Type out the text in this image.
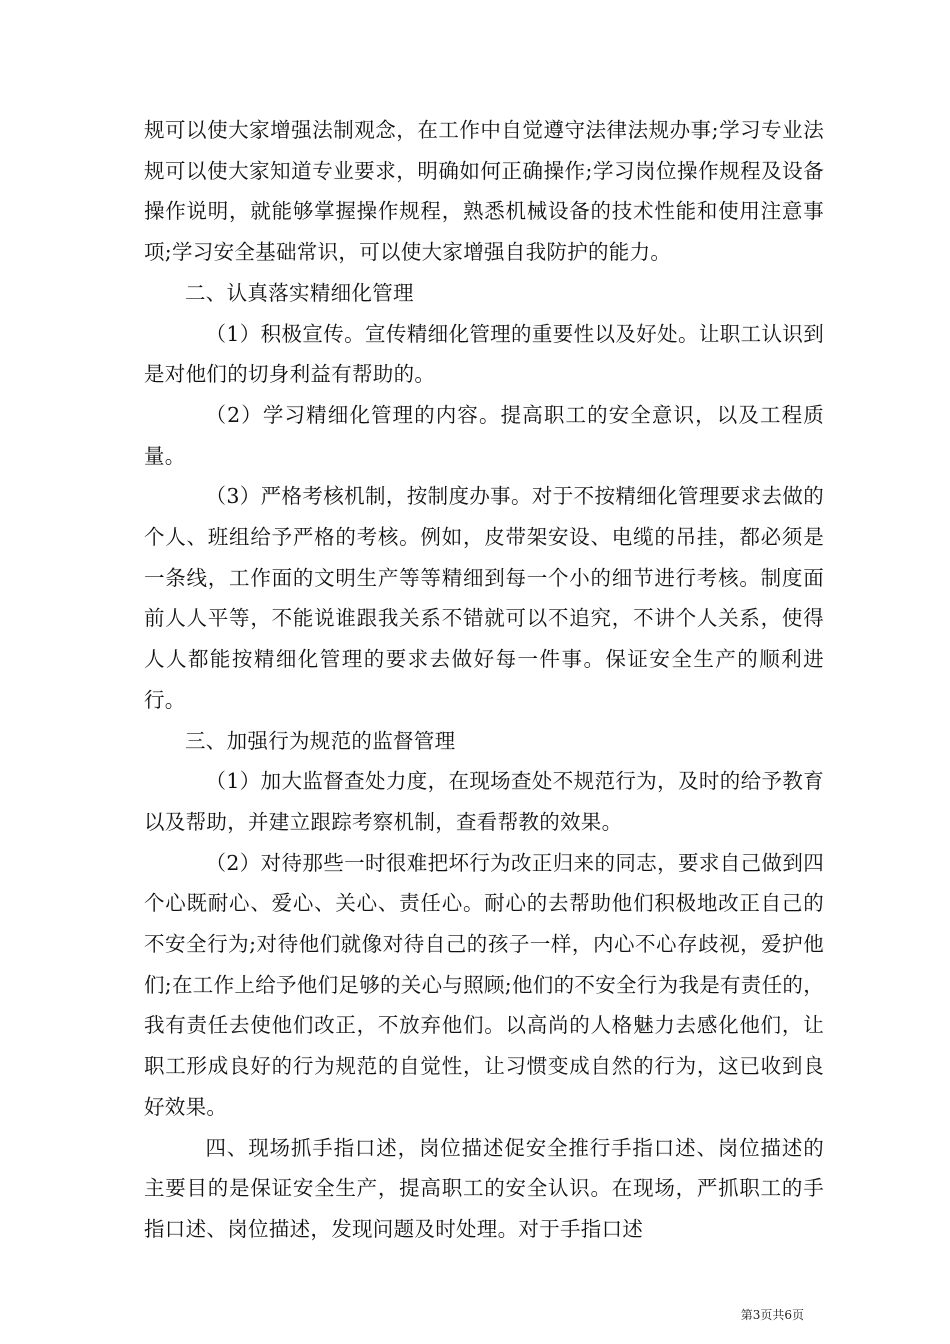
规可以使大家增强法制观念，在工作中自觉遵守法律法规办事;学习专业法规可以使大家知道专业要求，明确如何正确操作;学习岗位操作规程及设备操作说明，就能够掌握操作规程，熟悉机械设备的技术性能和使用注意事项;学习安全基础常识，可以使大家增强自我防护的能力。

二、认真落实精细化管理

（1）积极宣传。宣传精细化管理的重要性以及好处。让职工认识到是对他们的切身利益有帮助的。

（2）学习精细化管理的内容。提高职工的安全意识，以及工程质量。

（3）严格考核机制，按制度办事。对于不按精细化管理要求去做的个人、班组给予严格的考核。例如，皮带架安设、电缆的吊挂，都必须是一条线，工作面的文明生产等等精细到每一个小的细节进行考核。制度面前人人平等，不能说谁跟我关系不错就可以不追究，不讲个人关系，使得人人都能按精细化管理的要求去做好每一件事。保证安全生产的顺利进行。

三、加强行为规范的监督管理

（1）加大监督查处力度，在现场查处不规范行为，及时的给予教育以及帮助，并建立跟踪考察机制，查看帮教的效果。

（2）对待那些一时很难把坏行为改正归来的同志，要求自己做到四个心既耐心、爱心、关心、责任心。耐心的去帮助他们积极地改正自己的不安全行为;对待他们就像对待自己的孩子一样，内心不心存歧视，爱护他们;在工作上给予他们足够的关心与照顾;他们的不安全行为我是有责任的，我有责任去使他们改正，不放弃他们。以高尚的人格魅力去感化他们，让职工形成良好的行为规范的自觉性，让习惯变成自然的行为，这已收到良好效果。

四、现场抓手指口述，岗位描述促安全推行手指口述、岗位描述的主要目的是保证安全生产，提高职工的安全认识。在现场，严抓职工的手指口述、岗位描述，发现问题及时处理。对于手指口述

第3页共6页
